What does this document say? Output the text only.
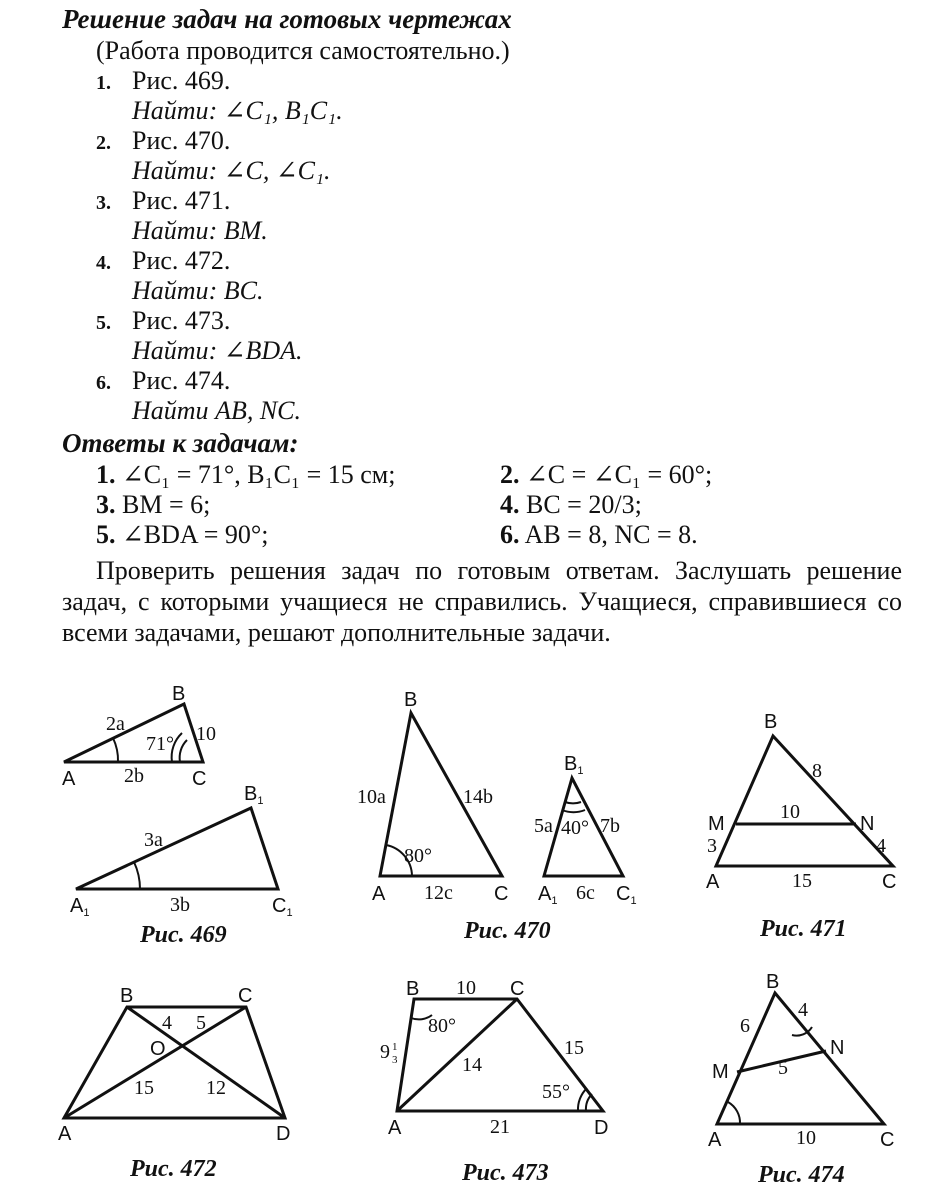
Решение задач на готовых чертежах
(Работа проводится самостоятельно.)
1. Рис. 469.
Найти: ∠C₁, B₁C₁.
2. Рис. 470.
Найти: ∠C, ∠C₁.
3. Рис. 471.
Найти: BM.
4. Рис. 472.
Найти: BC.
5. Рис. 473.
Найти: ∠BDA.
6. Рис. 474.
Найти AB, NC.
Ответы к задачам:
1. ∠C₁ = 71°, B₁C₁ = 15 см;	2. ∠C = ∠C₁ = 60°;
3. BM = 6;	4. BC = 20/3;
5. ∠BDA = 90°;	6. AB = 8, NC = 8.
Проверить решения задач по готовым ответам. Заслушать решение задач, с которыми учащиеся не справились. Учащиеся, справившиеся со всеми задачами, решают дополнительные задачи.
A
B
C
2a
2b
10
71°
$A_1$
$B_1$
$C_1$
3a
3b
Рис. 469
B
A	C
10a	14b
12c
80°
$B_1$
$A_1$	$C_1$
5a 7b
6c
40°
Рис. 470
B
A	C
M	N
8
10
3	4
15
Рис. 471
B	C
A	D
O
4 5
15	12
Рис. 472
B	C
A	D
10
9 1
3
80°
14
15
21
55°
Рис. 473
B
A	C
M
N
6
4
5
10
Рис. 474
